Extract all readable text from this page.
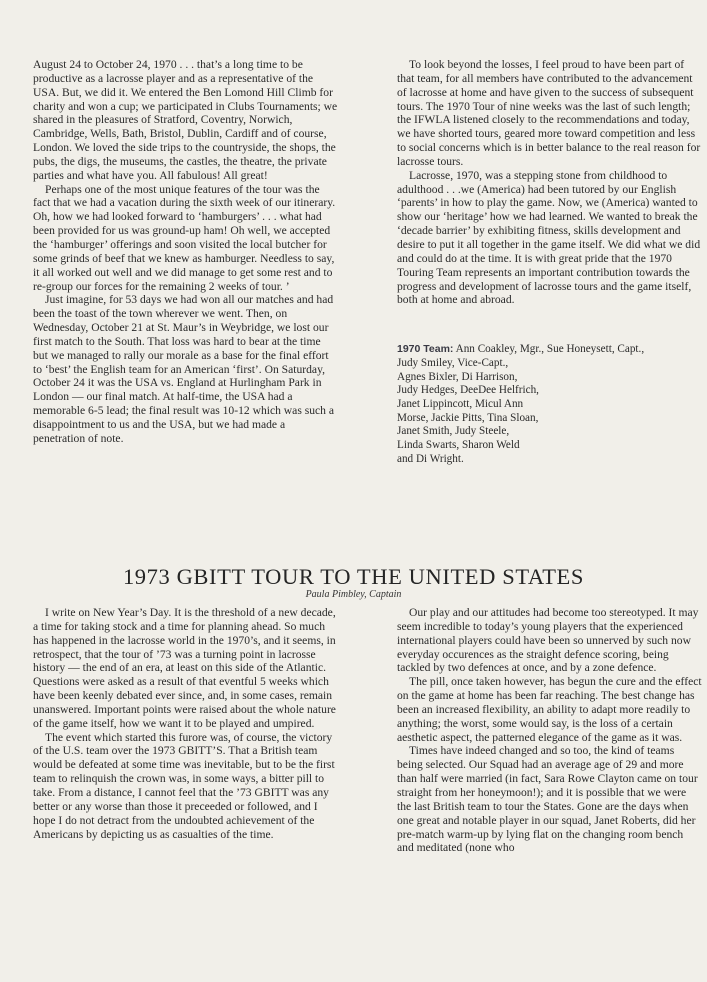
August 24 to October 24, 1970 . . . that’s a long time to be productive as a lacrosse player and as a representative of the USA. But, we did it. We entered the Ben Lomond Hill Climb for charity and won a cup; we participated in Clubs Tournaments; we shared in the pleasures of Stratford, Coventry, Norwich, Cambridge, Wells, Bath, Bristol, Dublin, Cardiff and of course, London. We loved the side trips to the countryside, the shops, the pubs, the digs, the museums, the castles, the theatre, the private parties and what have you. All fabulous! All great!

Perhaps one of the most unique features of the tour was the fact that we had a vacation during the sixth week of our itinerary. Oh, how we had looked forward to ‘hamburgers’ . . . what had been provided for us was ground-up ham! Oh well, we accepted the ‘hamburger’ offerings and soon visited the local butcher for some grinds of beef that we knew as hamburger. Needless to say, it all worked out well and we did manage to get some rest and to re-group our forces for the remaining 2 weeks of tour. ’

Just imagine, for 53 days we had won all our matches and had been the toast of the town wherever we went. Then, on Wednesday, October 21 at St. Maur’s in Weybridge, we lost our first match to the South. That loss was hard to bear at the time but we managed to rally our morale as a base for the final effort to ‘best’ the English team for an American ‘first’. On Saturday, October 24 it was the USA vs. England at Hurlingham Park in London — our final match. At half-time, the USA had a memorable 6-5 lead; the final result was 10-12 which was such a disappointment to us and the USA, but we had made a penetration of note.

To look beyond the losses, I feel proud to have been part of that team, for all members have contributed to the advancement of lacrosse at home and have given to the success of subsequent tours. The 1970 Tour of nine weeks was the last of such length; the IFWLA listened closely to the recommendations and today, we have shorted tours, geared more toward competition and less to social concerns which is in better balance to the real reason for lacrosse tours.

Lacrosse, 1970, was a stepping stone from childhood to adulthood . . .we (America) had been tutored by our English ‘parents’ in how to play the game. Now, we (America) wanted to show our ‘heritage’ how we had learned. We wanted to break the ‘decade barrier’ by exhibiting fitness, skills development and desire to put it all together in the game itself. We did what we did and could do at the time. It is with great pride that the 1970 Touring Team represents an important contribution towards the progress and development of lacrosse tours and the game itself, both at home and abroad.

1970 Team: Ann Coakley, Mgr., Sue Honeysett, Capt.,
Judy Smiley, Vice-Capt.,
Agnes Bixler, Di Harrison,
Judy Hedges, DeeDee Helfrich,
Janet Lippincott, Micul Ann
Morse, Jackie Pitts, Tina Sloan,
Janet Smith, Judy Steele,
Linda Swarts, Sharon Weld
and Di Wright.
1973 GBITT TOUR TO THE UNITED STATES
Paula Pimbley, Captain

I write on New Year’s Day. It is the threshold of a new decade, a time for taking stock and a time for planning ahead. So much has happened in the lacrosse world in the 1970’s, and it seems, in retrospect, that the tour of ’73 was a turning point in lacrosse history — the end of an era, at least on this side of the Atlantic. Questions were asked as a result of that eventful 5 weeks which have been keenly debated ever since, and, in some cases, remain unanswered. Important points were raised about the whole nature of the game itself, how we want it to be played and umpired.

The event which started this furore was, of course, the victory of the U.S. team over the 1973 GBITT’S. That a British team would be defeated at some time was inevitable, but to be the first team to relinquish the crown was, in some ways, a bitter pill to take. From a distance, I cannot feel that the ’73 GBITT was any better or any worse than those it preceeded or followed, and I hope I do not detract from the undoubted achievement of the Americans by depicting us as casualties of the time.

Our play and our attitudes had become too stereotyped. It may seem incredible to today’s young players that the experienced international players could have been so unnerved by such now everyday occurences as the straight defence scoring, being tackled by two defences at once, and by a zone defence.

The pill, once taken however, has begun the cure and the effect on the game at home has been far reaching. The best change has been an increased flexibility, an ability to adapt more readily to anything; the worst, some would say, is the loss of a certain aesthetic aspect, the patterned elegance of the game as it was.

Times have indeed changed and so too, the kind of teams being selected. Our Squad had an average age of 29 and more than half were married (in fact, Sara Rowe Clayton came on tour straight from her honeymoon!); and it is possible that we were the last British team to tour the States. Gone are the days when one great and notable player in our squad, Janet Roberts, did her pre-match warm-up by lying flat on the changing room bench and meditated (none who
